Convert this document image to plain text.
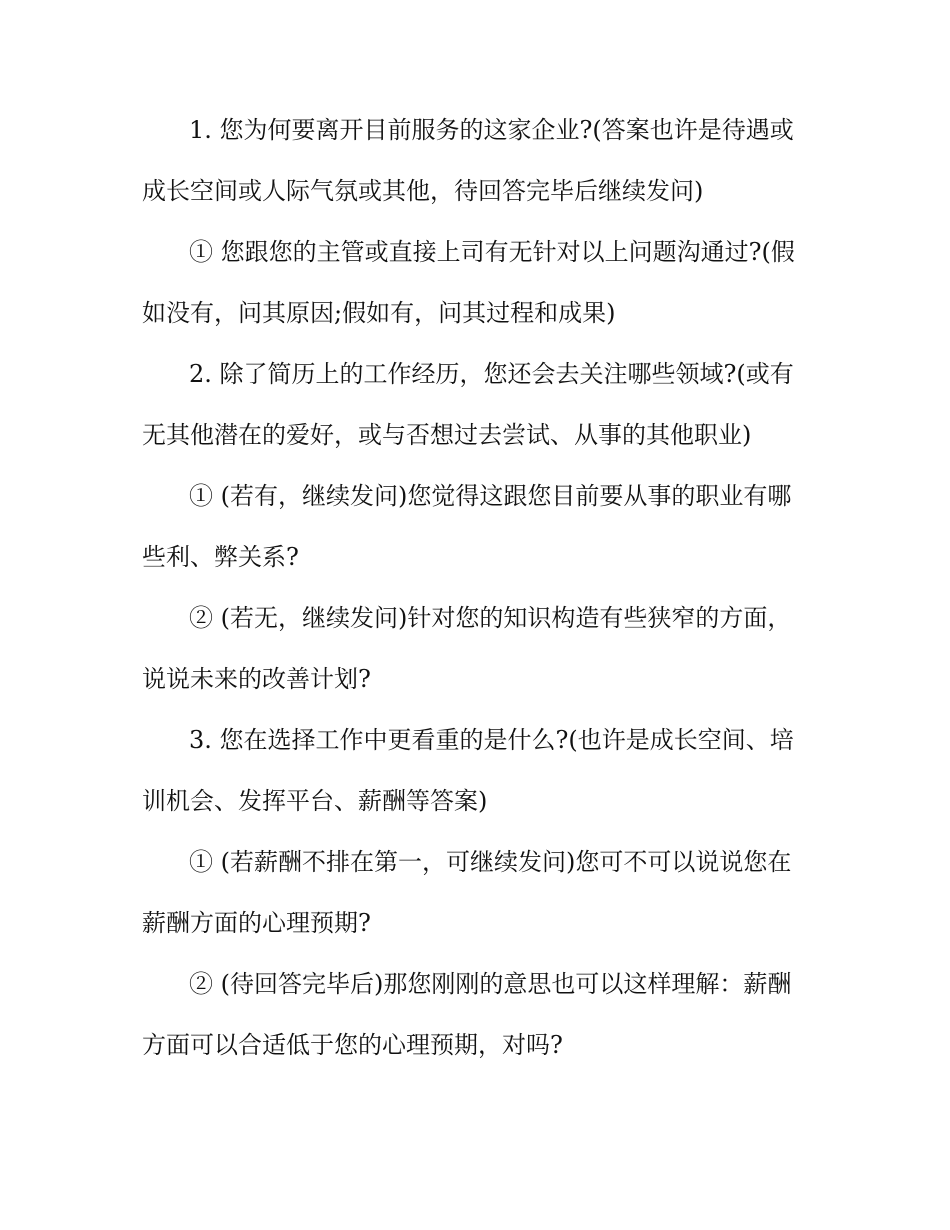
1. 您为何要离开目前服务的这家企业?(答案也许是待遇或成长空间或人际气氛或其他，待回答完毕后继续发问)

① 您跟您的主管或直接上司有无针对以上问题沟通过?(假如没有，问其原因;假如有，问其过程和成果)

2. 除了简历上的工作经历，您还会去关注哪些领域?(或有无其他潜在的爱好，或与否想过去尝试、从事的其他职业)

① (若有，继续发问)您觉得这跟您目前要从事的职业有哪些利、弊关系?

② (若无，继续发问)针对您的知识构造有些狭窄的方面，说说未来的改善计划?

3. 您在选择工作中更看重的是什么?(也许是成长空间、培训机会、发挥平台、薪酬等答案)

① (若薪酬不排在第一，可继续发问)您可不可以说说您在薪酬方面的心理预期?

② (待回答完毕后)那您刚刚的意思也可以这样理解：薪酬方面可以合适低于您的心理预期，对吗?
